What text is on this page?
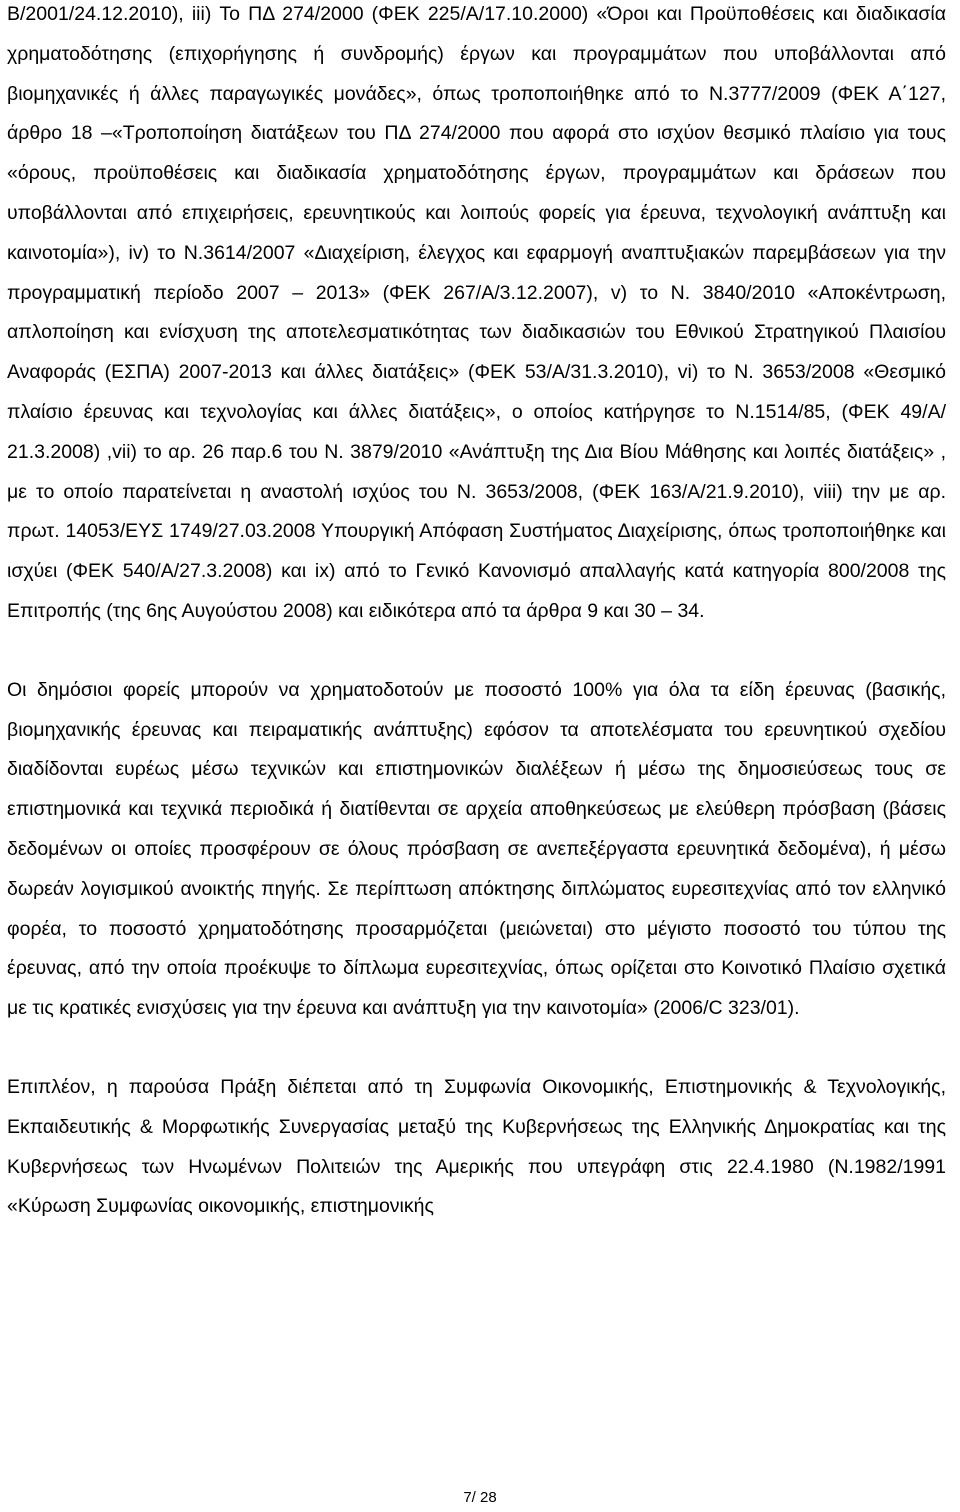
B/2001/24.12.2010), iii) Το ΠΔ 274/2000 (ΦΕΚ 225/Α/17.10.2000) «Όροι και Προϋποθέσεις και διαδικασία χρηματοδότησης (επιχορήγησης ή συνδρομής) έργων και προγραμμάτων που υποβάλλονται από βιομηχανικές ή άλλες παραγωγικές μονάδες», όπως τροποποιήθηκε από το Ν.3777/2009 (ΦΕΚ Α΄127, άρθρο 18 –«Τροποποίηση διατάξεων του ΠΔ 274/2000 που αφορά στο ισχύον θεσμικό πλαίσιο για τους «όρους, προϋποθέσεις και διαδικασία χρηματοδότησης έργων, προγραμμάτων και δράσεων που υποβάλλονται από επιχειρήσεις, ερευνητικούς και λοιπούς φορείς για έρευνα, τεχνολογική ανάπτυξη και καινοτομία»), iv) το Ν.3614/2007 «Διαχείριση, έλεγχος και εφαρμογή αναπτυξιακών παρεμβάσεων για την προγραμματική περίοδο 2007 – 2013» (ΦΕΚ 267/Α/3.12.2007), v) το Ν. 3840/2010 «Αποκέντρωση, απλοποίηση και ενίσχυση της αποτελεσματικότητας των διαδικασιών του Εθνικού Στρατηγικού Πλαισίου Αναφοράς (ΕΣΠΑ) 2007-2013 και άλλες διατάξεις» (ΦΕΚ 53/Α/31.3.2010), vi) το Ν. 3653/2008 «Θεσμικό πλαίσιο έρευνας και τεχνολογίας και άλλες διατάξεις», ο οποίος κατήργησε το Ν.1514/85, (ΦΕΚ 49/Α/ 21.3.2008) ,vii) το αρ. 26 παρ.6 του Ν. 3879/2010 «Ανάπτυξη της Δια Βίου Μάθησης και λοιπές διατάξεις» , με το οποίο παρατείνεται η αναστολή ισχύος του Ν. 3653/2008, (ΦΕΚ 163/Α/21.9.2010), viii) την με αρ. πρωτ. 14053/ΕΥΣ 1749/27.03.2008 Υπουργική Απόφαση Συστήματος Διαχείρισης, όπως τροποποιήθηκε και ισχύει (ΦΕΚ 540/Α/27.3.2008) και ix) από το Γενικό Κανονισμό απαλλαγής κατά κατηγορία 800/2008 της Επιτροπής (της 6ης Αυγούστου 2008) και ειδικότερα από τα άρθρα 9 και 30 – 34.

Οι δημόσιοι φορείς μπορούν να χρηματοδοτούν με ποσοστό 100% για όλα τα είδη έρευνας (βασικής, βιομηχανικής έρευνας και πειραματικής ανάπτυξης) εφόσον τα αποτελέσματα του ερευνητικού σχεδίου διαδίδονται ευρέως μέσω τεχνικών και επιστημονικών διαλέξεων ή μέσω της δημοσιεύσεως τους σε επιστημονικά και τεχνικά περιοδικά ή διατίθενται σε αρχεία αποθηκεύσεως με ελεύθερη πρόσβαση (βάσεις δεδομένων οι οποίες προσφέρουν σε όλους πρόσβαση σε ανεπεξέργαστα ερευνητικά δεδομένα), ή μέσω δωρεάν λογισμικού ανοικτής πηγής. Σε περίπτωση απόκτησης διπλώματος ευρεσιτεχνίας από τον ελληνικό φορέα, το ποσοστό χρηματοδότησης προσαρμόζεται (μειώνεται) στο μέγιστο ποσοστό του τύπου της έρευνας, από την οποία προέκυψε το δίπλωμα ευρεσιτεχνίας, όπως ορίζεται στο Κοινοτικό Πλαίσιο σχετικά με τις κρατικές ενισχύσεις για την έρευνα και ανάπτυξη για την καινοτομία» (2006/C 323/01).

Επιπλέον, η παρούσα Πράξη διέπεται από τη Συμφωνία Οικονομικής, Επιστημονικής & Τεχνολογικής, Εκπαιδευτικής & Μορφωτικής Συνεργασίας μεταξύ της Κυβερνήσεως της Ελληνικής Δημοκρατίας και της Κυβερνήσεως των Ηνωμένων Πολιτειών της Αμερικής που υπεγράφη στις 22.4.1980 (Ν.1982/1991 «Κύρωση Συμφωνίας οικονομικής, επιστημονικής

7/ 28
